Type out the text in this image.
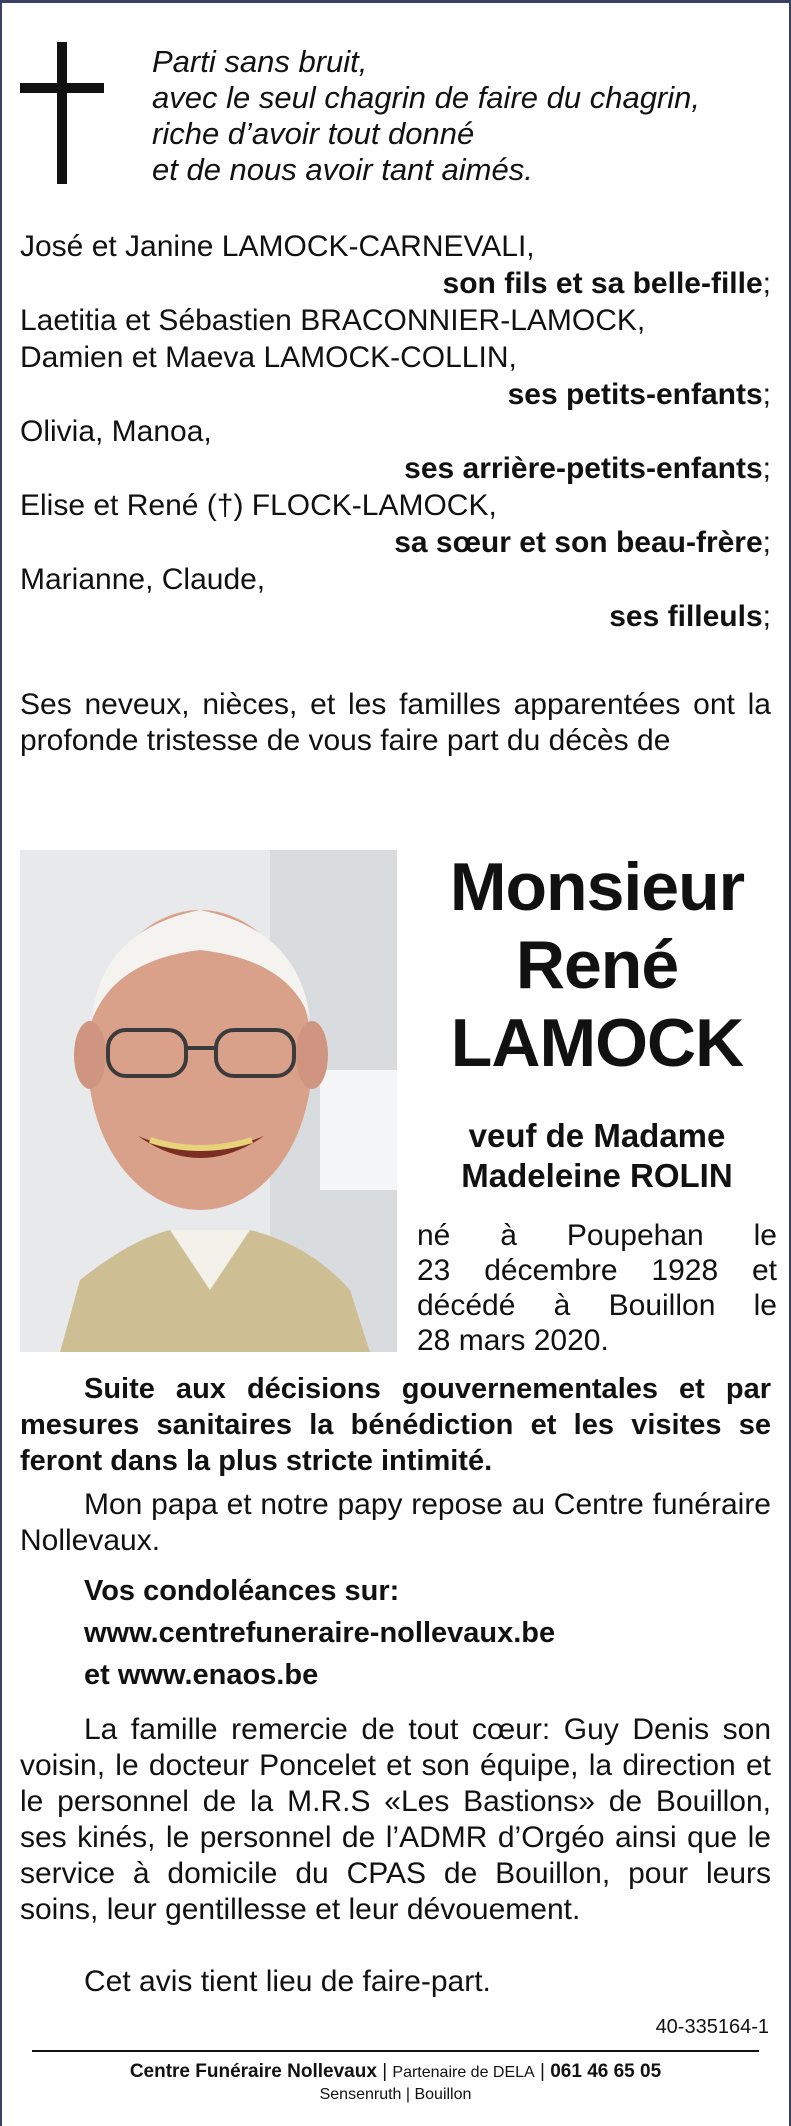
Parti sans bruit,
avec le seul chagrin de faire du chagrin,
riche d’avoir tout donné
et de nous avoir tant aimés.
José et Janine LAMOCK-CARNEVALI,
son fils et sa belle-fille;
Laetitia et Sébastien BRACONNIER-LAMOCK,
Damien et Maeva LAMOCK-COLLIN,
ses petits-enfants;
Olivia, Manoa,
ses arrière-petits-enfants;
Elise et René (†) FLOCK-LAMOCK,
sa sœur et son beau-frère;
Marianne, Claude,
ses filleuls;
Ses neveux, nièces, et les familles apparentées ont la profonde tristesse de vous faire part du décès de
Monsieur
René
LAMOCK
veuf de Madame
Madeleine ROLIN
né à Poupehan le
23 décembre 1928 et
décédé à Bouillon le
28 mars 2020.
Suite aux décisions gouvernementales et par mesures sanitaires la bénédiction et les visites se feront dans la plus stricte intimité.
Mon papa et notre papy repose au Centre funéraire Nollevaux.
Vos condoléances sur:
www.centrefuneraire-nollevaux.be
et www.enaos.be
La famille remercie de tout cœur: Guy Denis son voisin, le docteur Poncelet et son équipe, la direction et le personnel de la M.R.S «Les Bastions» de Bouillon, ses kinés, le personnel de l’ADMR d’Orgéo ainsi que le service à domicile du CPAS de Bouillon, pour leurs soins, leur gentillesse et leur dévouement.
Cet avis tient lieu de faire-part.
40-335164-1
Centre Funéraire Nollevaux | Partenaire de DELA | 061 46 65 05
Sensenruth | Bouillon
